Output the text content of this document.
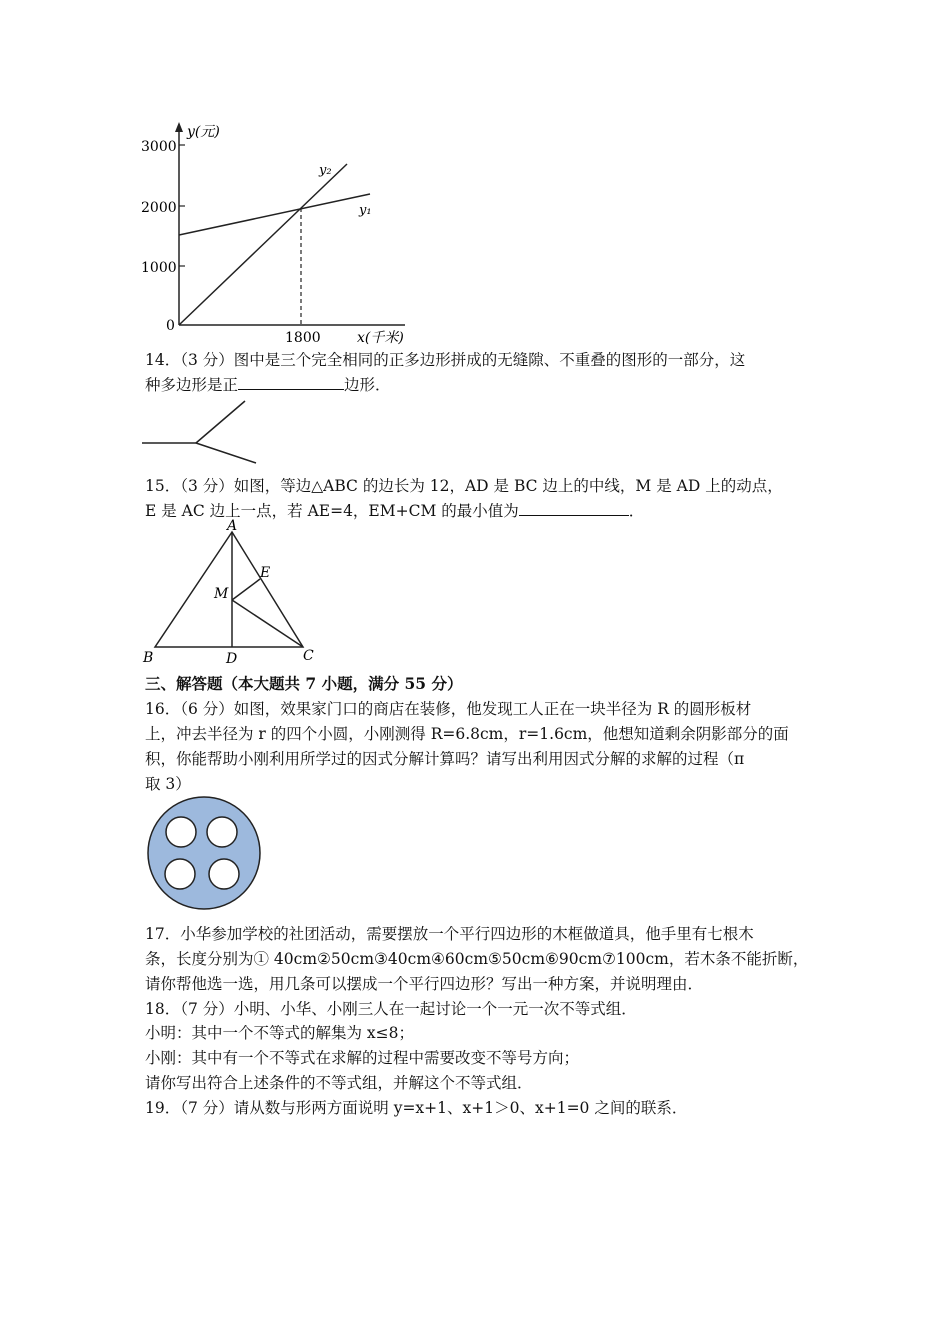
3000
2000
1000
0
1800
y(元)
x(千米)
y₂
y₁
14．（3 分）图中是三个完全相同的正多边形拼成的无缝隙、不重叠的图形的一部分，这
种多边形是正	边形．
15．（3 分）如图，等边△ABC 的边长为 12，AD 是 BC 边上的中线，M 是 AD 上的动点，
E 是 AC 边上一点，若 AE=4，EM+CM 的最小值为	．
A
B	C
D
E
M
三、解答题（本大题共 7 小题，满分 55 分）
16．（6 分）如图，效果家门口的商店在装修，他发现工人正在一块半径为 R 的圆形板材
上，冲去半径为 r 的四个小圆，小刚测得 R=6.8cm，r=1.6cm，他想知道剩余阴影部分的面
积，你能帮助小刚利用所学过的因式分解计算吗？请写出利用因式分解的求解的过程（π
取 3）
17．小华参加学校的社团活动，需要摆放一个平行四边形的木框做道具，他手里有七根木
条，长度分别为① 40cm②50cm③40cm④60cm⑤50cm⑥90cm⑦100cm，若木条不能折断，
请你帮他选一选，用几条可以摆成一个平行四边形？写出一种方案，并说明理由．
18．（7 分）小明、小华、小刚三人在一起讨论一个一元一次不等式组．
小明：其中一个不等式的解集为 x≤8；
小刚：其中有一个不等式在求解的过程中需要改变不等号方向；
请你写出符合上述条件的不等式组，并解这个不等式组．
19．（7 分）请从数与形两方面说明 y=x+1、x+1＞0、x+1=0 之间的联系．
